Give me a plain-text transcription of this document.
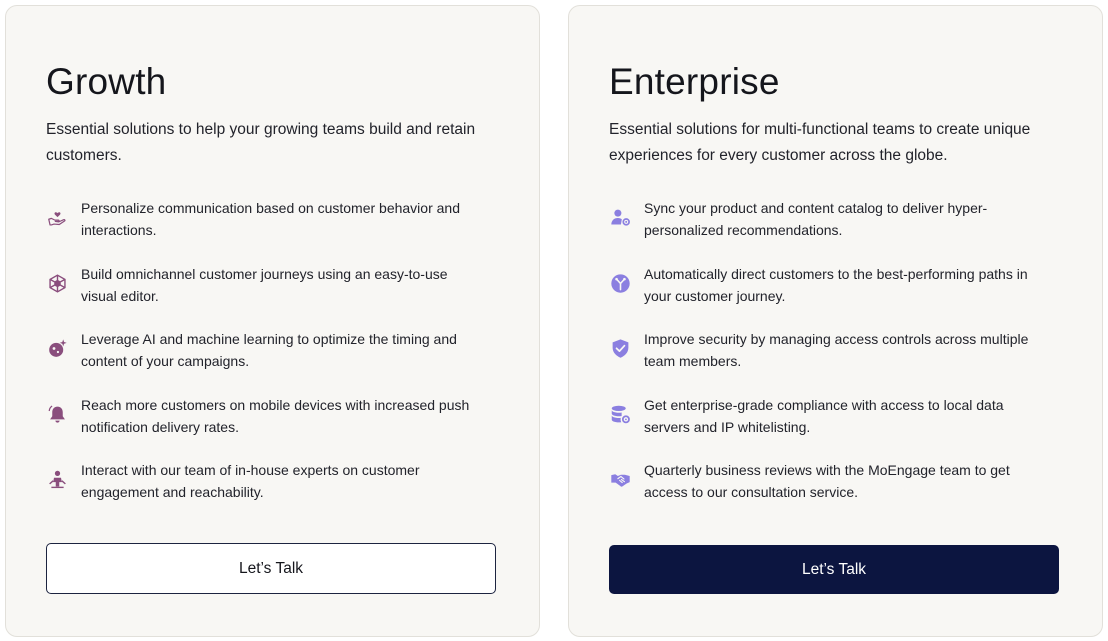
Growth

Essential solutions to help your growing teams build and retain customers.

Personalize communication based on customer behavior and interactions.
Build omnichannel customer journeys using an easy-to-use visual editor.
Leverage AI and machine learning to optimize the timing and content of your campaigns.
Reach more customers on mobile devices with increased push notification delivery rates.
Interact with our team of in-house experts on customer engagement and reachability.
Let’s Talk
Enterprise

Essential solutions for multi-functional teams to create unique experiences for every customer across the globe.

Sync your product and content catalog to deliver hyper-personalized recommendations.
Automatically direct customers to the best-performing paths in your customer journey.
Improve security by managing access controls across multiple team members.
Get enterprise-grade compliance with access to local data servers and IP whitelisting.
Quarterly business reviews with the MoEngage team to get access to our consultation service.
Let’s Talk
